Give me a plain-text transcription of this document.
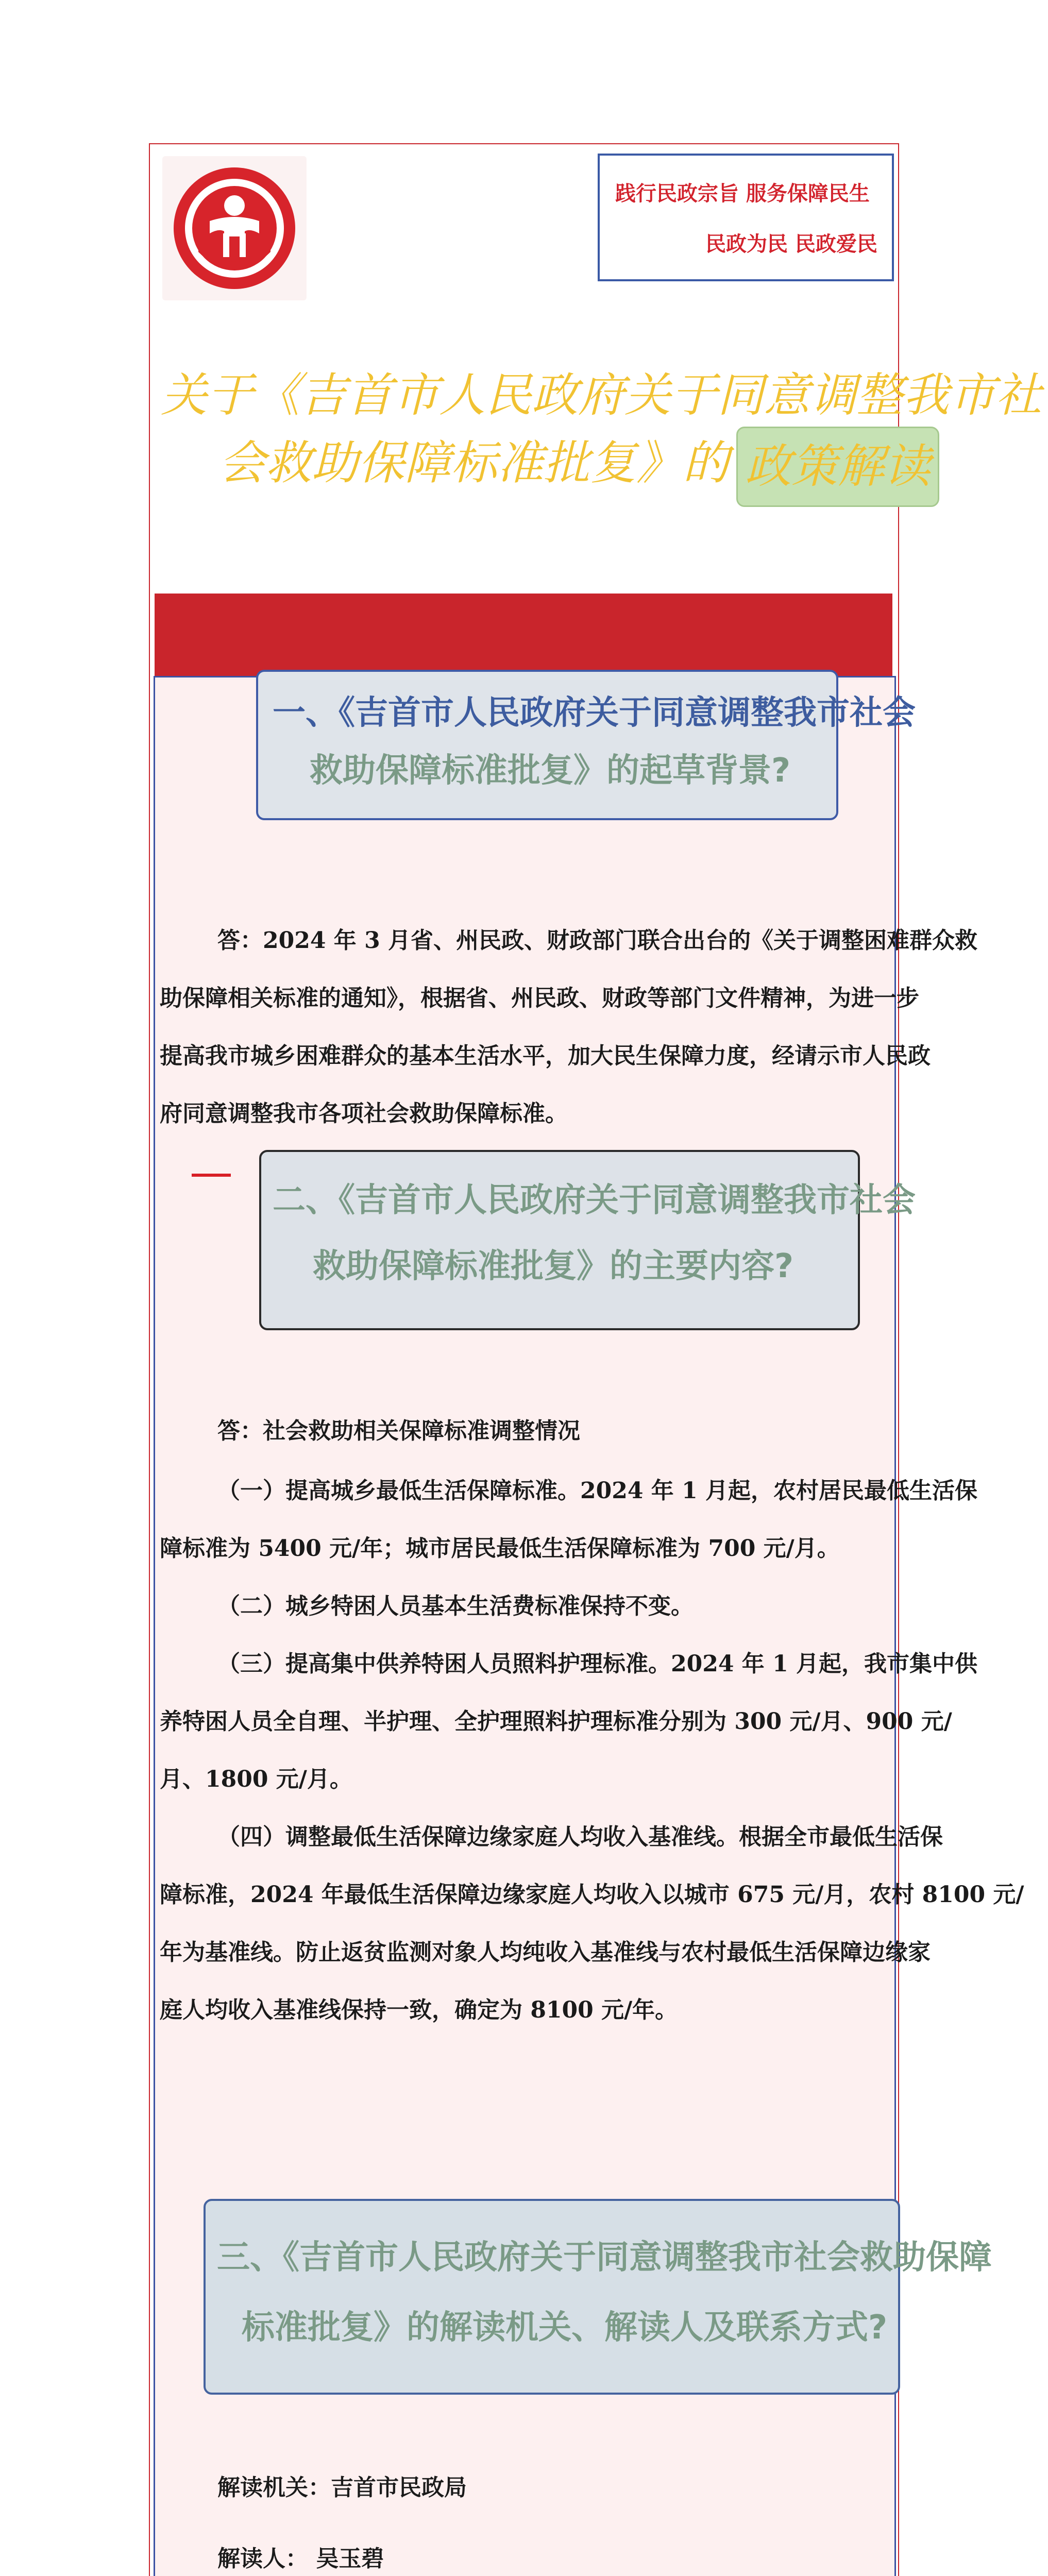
践行民政宗旨 服务保障民生
民政为民 民政爱民
关于《吉首市人民政府关于同意调整我市社
会救助保障标准批复》的 政策解读
一、《吉首市人民政府关于同意调整我市社会
救助保障标准批复》的起草背景?
答：2024 年 3 月省、州民政、财政部门联合出台的《关于调整困难群众救
助保障相关标准的通知》，根据省、州民政、财政等部门文件精神，为进一步
提高我市城乡困难群众的基本生活水平，加大民生保障力度，经请示市人民政
府同意调整我市各项社会救助保障标准。
二、《吉首市人民政府关于同意调整我市社会
救助保障标准批复》的主要内容?
答：社会救助相关保障标准调整情况
（一）提高城乡最低生活保障标准。2024 年 1 月起，农村居民最低生活保
障标准为 5400 元/年；城市居民最低生活保障标准为 700 元/月。
（二）城乡特困人员基本生活费标准保持不变。
（三）提高集中供养特困人员照料护理标准。2024 年 1 月起，我市集中供
养特困人员全自理、半护理、全护理照料护理标准分别为 300 元/月、900 元/
月、1800 元/月。
（四）调整最低生活保障边缘家庭人均收入基准线。根据全市最低生活保
障标准，2024 年最低生活保障边缘家庭人均收入以城市 675 元/月，农村 8100 元/
年为基准线。防止返贫监测对象人均纯收入基准线与农村最低生活保障边缘家
庭人均收入基准线保持一致，确定为 8100 元/年。
三、《吉首市人民政府关于同意调整我市社会救助保障
标准批复》的解读机关、解读人及联系方式?
解读机关：吉首市民政局
解读人： 吴玉碧
